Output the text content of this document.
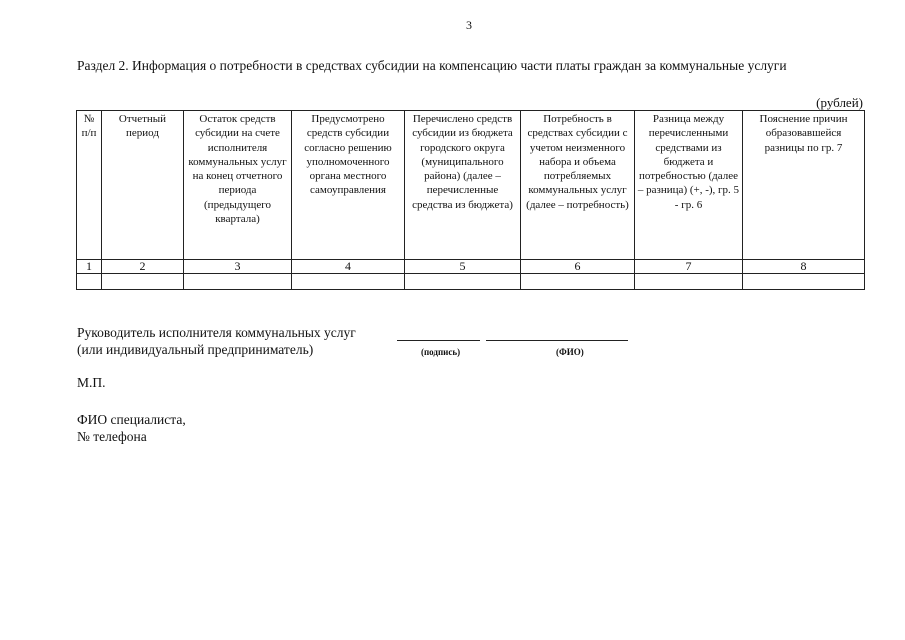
3
Раздел 2. Информация о потребности в средствах субсидии на компенсацию части платы граждан за коммунальные услуги
(рублей)
№ п/п	Отчетный период	Остаток средств субсидии на счете исполнителя коммунальных услуг на конец отчетного периода (предыдущего квартала)	Предусмотрено средств субсидии согласно решению уполномоченного органа местного самоуправления	Перечислено средств субсидии из бюджета городского округа (муниципального района) (далее – перечисленные средства из бюджета)	Потребность в средствах субсидии с учетом неизменного набора и объема потребляемых коммунальных услуг (далее – потребность)	Разница между перечисленными средствами из бюджета и потребностью (далее – разница) (+, -), гр. 5 - гр. 6	Пояснение причин образовавшейся разницы по гр. 7
1	2	3	4	5	6	7	8

Руководитель исполнителя коммунальных услуг
(или индивидуальный предприниматель)	(подпись)	(ФИО)
М.П.
ФИО специалиста,
№ телефона
